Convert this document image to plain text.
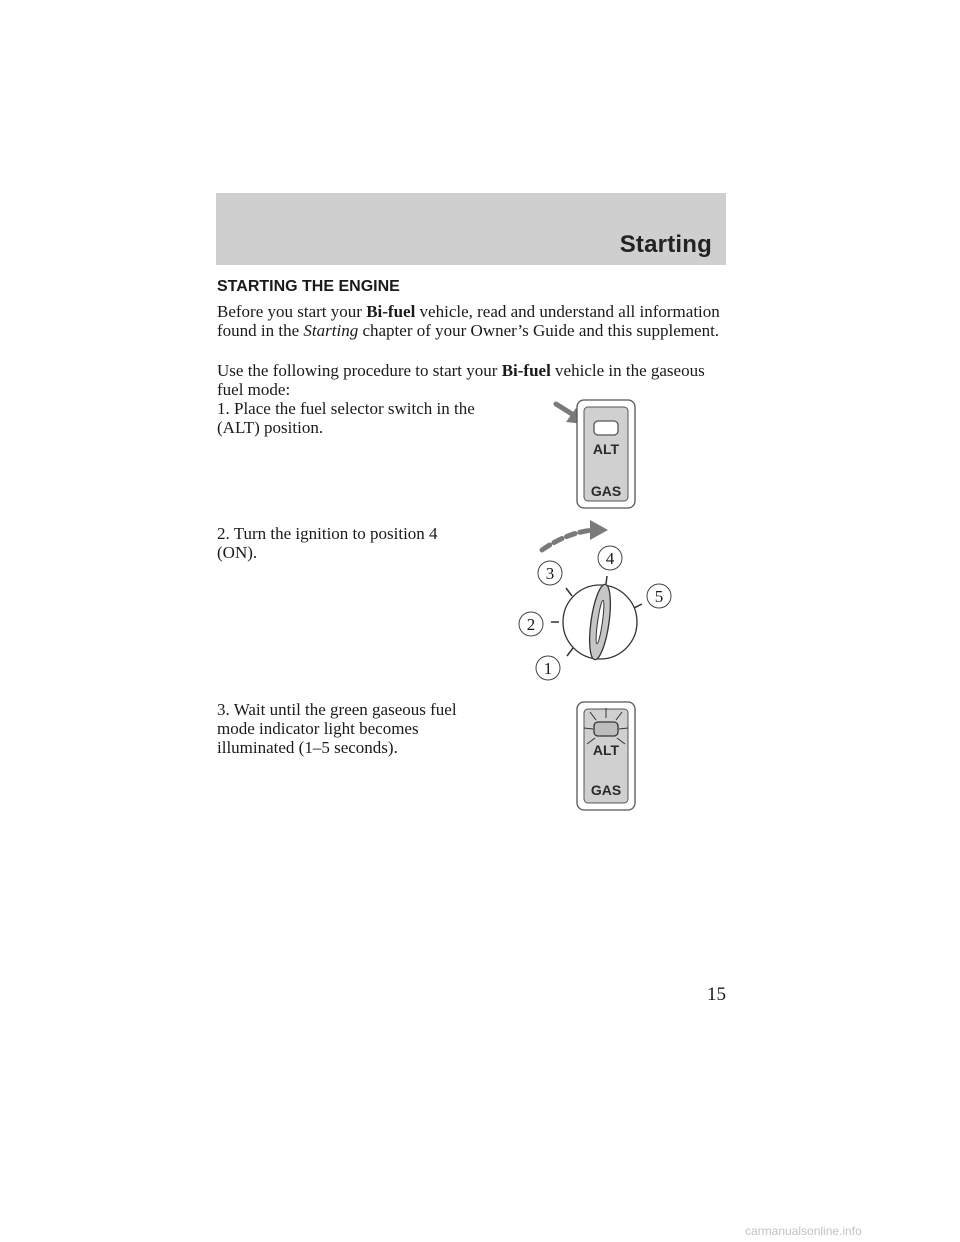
Starting
STARTING THE ENGINE

Before you start your Bi-fuel vehicle, read and understand all information found in the Starting chapter of your Owner’s Guide and this supplement.

Use the following procedure to start your Bi-fuel vehicle in the gaseous fuel mode:

1. Place the fuel selector switch in the (ALT) position.

ALT
GAS

2. Turn the ignition to position 4 (ON).	4
3
5
2
1

3. Wait until the green gaseous fuel mode indicator light becomes illuminated (1–5 seconds).	ALT
GAS
15
carmanualsonline.info
